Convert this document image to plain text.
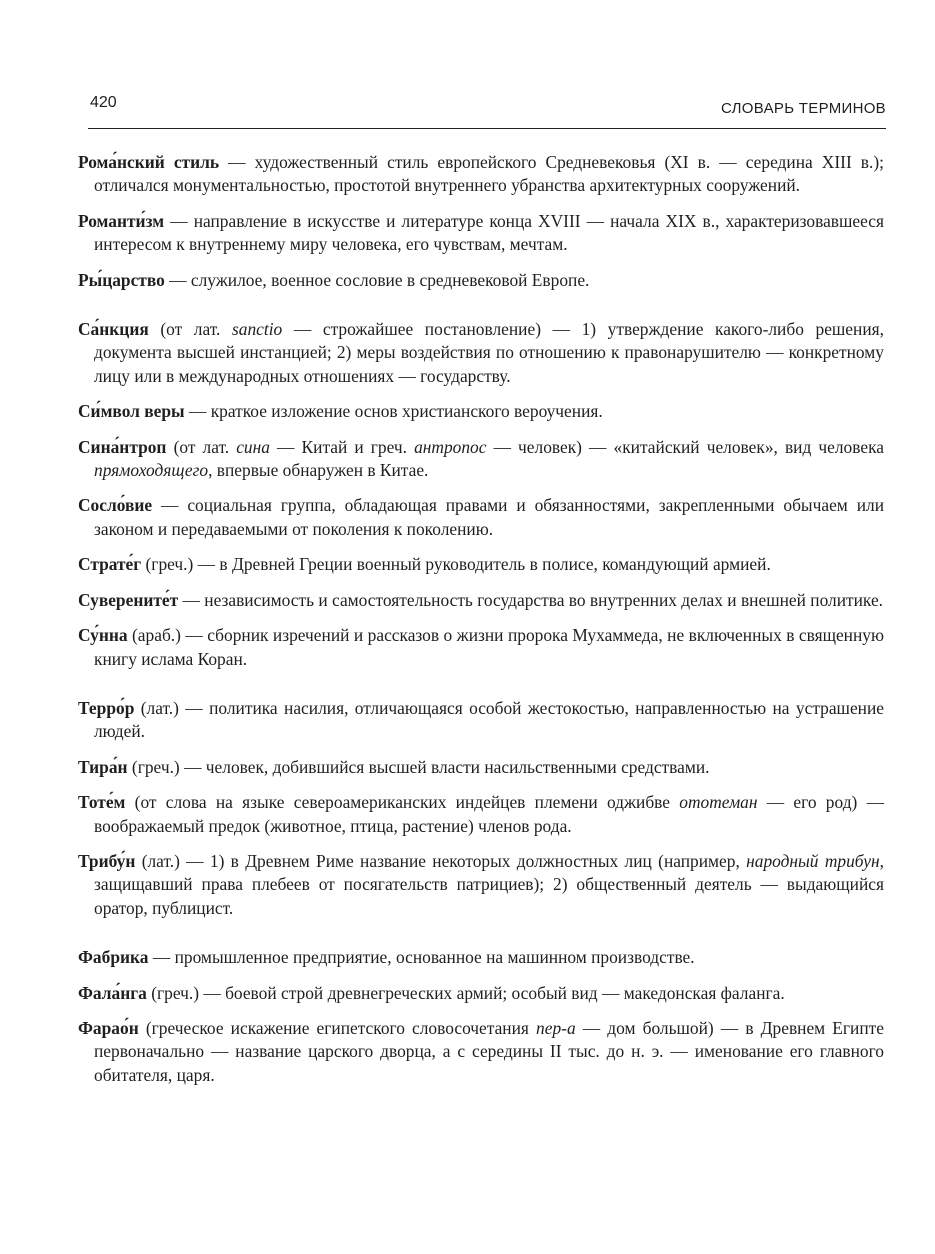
420	СЛОВАРЬ ТЕРМИНОВ

Рома́нский стиль — художественный стиль европейского Средневековья (XI в. — середина XIII в.); отличался монументальностью, простотой внутреннего убранства архитектурных сооружений.

Романти́зм — направление в искусстве и литературе конца XVIII — начала XIX в., характеризовавшееся интересом к внутреннему миру человека, его чувствам, мечтам.

Ры́царство — служилое, военное сословие в средневековой Европе.

Са́нкция (от лат. sanctio — строжайшее постановление) — 1) утверждение какого-либо решения, документа высшей инстанцией; 2) меры воздействия по отношению к правонарушителю — конкретному лицу или в международных отношениях — государству.

Си́мвол веры — краткое изложение основ христианского вероучения.

Сина́нтроп (от лат. сина — Китай и греч. антропос — человек) — «китайский человек», вид человека прямоходящего, впервые обнаружен в Китае.

Сосло́вие — социальная группа, обладающая правами и обязанностями, закрепленными обычаем или законом и передаваемыми от поколения к поколению.

Страте́г (греч.) — в Древней Греции военный руководитель в полисе, командующий армией.

Суверените́т — независимость и самостоятельность государства во внутренних делах и внешней политике.

Су́нна (араб.) — сборник изречений и рассказов о жизни пророка Мухаммеда, не включенных в священную книгу ислама Коран.

Терро́р (лат.) — политика насилия, отличающаяся особой жестокостью, направленностью на устрашение людей.

Тира́н (греч.) — человек, добившийся высшей власти насильственными средствами.

Тоте́м (от слова на языке североамериканских индейцев племени оджибве ототеман — его род) — воображаемый предок (животное, птица, растение) членов рода.

Трибу́н (лат.) — 1) в Древнем Риме название некоторых должностных лиц (например, народный трибун, защищавший права плебеев от посягательств патрициев); 2) общественный деятель — выдающийся оратор, публицист.

Фабрика — промышленное предприятие, основанное на машинном производстве.

Фала́нга (греч.) — боевой строй древнегреческих армий; особый вид — македонская фаланга.

Фарао́н (греческое искажение египетского словосочетания пер-а — дом большой) — в Древнем Египте первоначально — название царского дворца, а с середины II тыс. до н. э. — именование его главного обитателя, царя.
